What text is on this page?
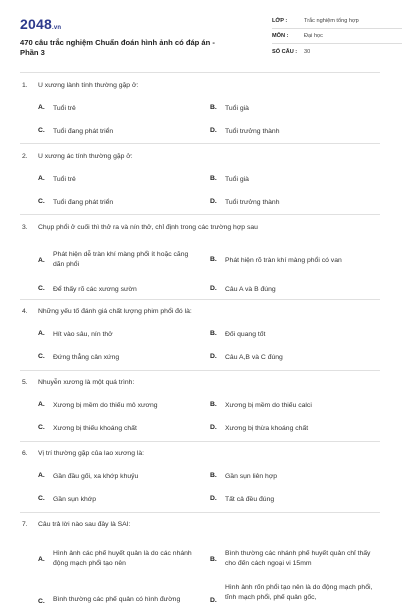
2048.vn
470 câu trắc nghiệm Chuẩn đoán hình ảnh có đáp án - Phần 3
LỚP :	Trắc nghiệm tổng hợp
MÔN :	Đại học
SỐ CÂU :	30
1. U xương lành tính thường gặp ở:
A.	Tuổi trẻ	B.	Tuổi già
C.	Tuổi đang phát triển	D.	Tuổi trưởng thành
2. U xương ác tính thường gặp ở:
A.	Tuổi trẻ	B.	Tuổi già
C.	Tuổi đang phát triển	D.	Tuổi trưởng thành
3. Chụp phổi ở cuối thì thở ra và nín thở, chỉ định trong các trường hợp sau
A.
Phát hiện dễ tràn khí màng phổi ít hoặc căng dãn phổi
B.	Phát hiện rõ tràn khí màng phổi có van
C.	Để thấy rõ các xương sườn	D.	Câu A và B đúng
4. Những yếu tố đánh giá chất lượng phim phổi đó là:
A.	Hít vào sâu, nín thở	B.	Đối quang tốt
C.	Đứng thẳng cân xứng	D.	Câu A,B và C đúng
5. Nhuyễn xương là một quá trình:
A.	Xương bị mềm do thiếu mô xương	B.	Xương bị mềm do thiếu calci
C.	Xương bị thiếu khoáng chất	D.	Xương bị thừa khoáng chất
6. Vị trí thường gặp của lao xương là:
A.	Gần đầu gối, xa khớp khuỷu	B.	Gần sụn liên hợp
C.	Gần sụn khớp	D.	Tất cả đều đúng
7. Câu trả lời nào sau đây là SAI:
A.
Hình ảnh các phế huyết quản là do các nhánh động mạch phổi tạo nên
B.
Bình thường các nhánh phế huyết quản chỉ thấy cho đến cách ngoại vi 15mm
C.	Bình thường các phế quản có hình đường	D.
Hình ảnh rốn phổi tạo nên là do động mạch phổi, tĩnh mạch phổi, phế quản gốc,
